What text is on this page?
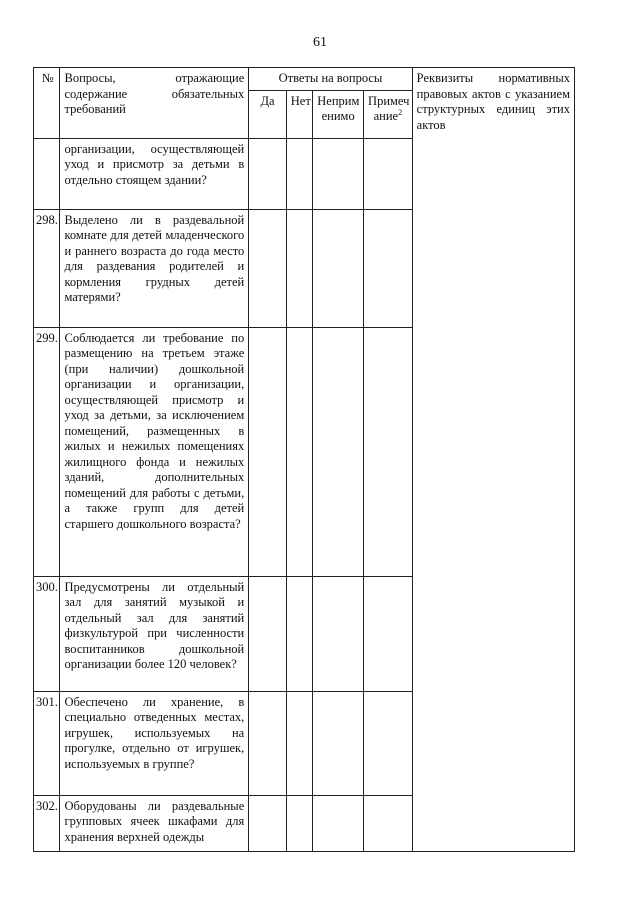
61
№	Вопросы, отражающие содержание обязательных требований	Ответы на вопросы				Реквизиты нормативных правовых актов с указанием структурных единиц этих актов
		Да	Нет	Неприм енимо	Примеч ание$^2$
	организации, осуществляющей уход и присмотр за детьми в отдельно стоящем здании?					
298.	Выделено ли в раздевальной комнате для детей младенческого и раннего возраста до года место для раздевания родителей и кормления грудных детей матерями?					
299.	Соблюдается ли требование по размещению на третьем этаже (при наличии) дошкольной организации и организации, осуществляющей присмотр и уход за детьми, за исключением помещений, размещенных в жилых и нежилых помещениях жилищного фонда и нежилых зданий, дополнительных помещений для работы с детьми, а также групп для детей старшего дошкольного возраста?					
300.	Предусмотрены ли отдельный зал для занятий музыкой и отдельный зал для занятий физкультурой при численности воспитанников дошкольной организации более 120 человек?					
301.	Обеспечено ли хранение, в специально отведенных местах, игрушек, используемых на прогулке, отдельно от игрушек, используемых в группе?					
302.	Оборудованы ли раздевальные групповых ячеек шкафами для хранения верхней одежды					
